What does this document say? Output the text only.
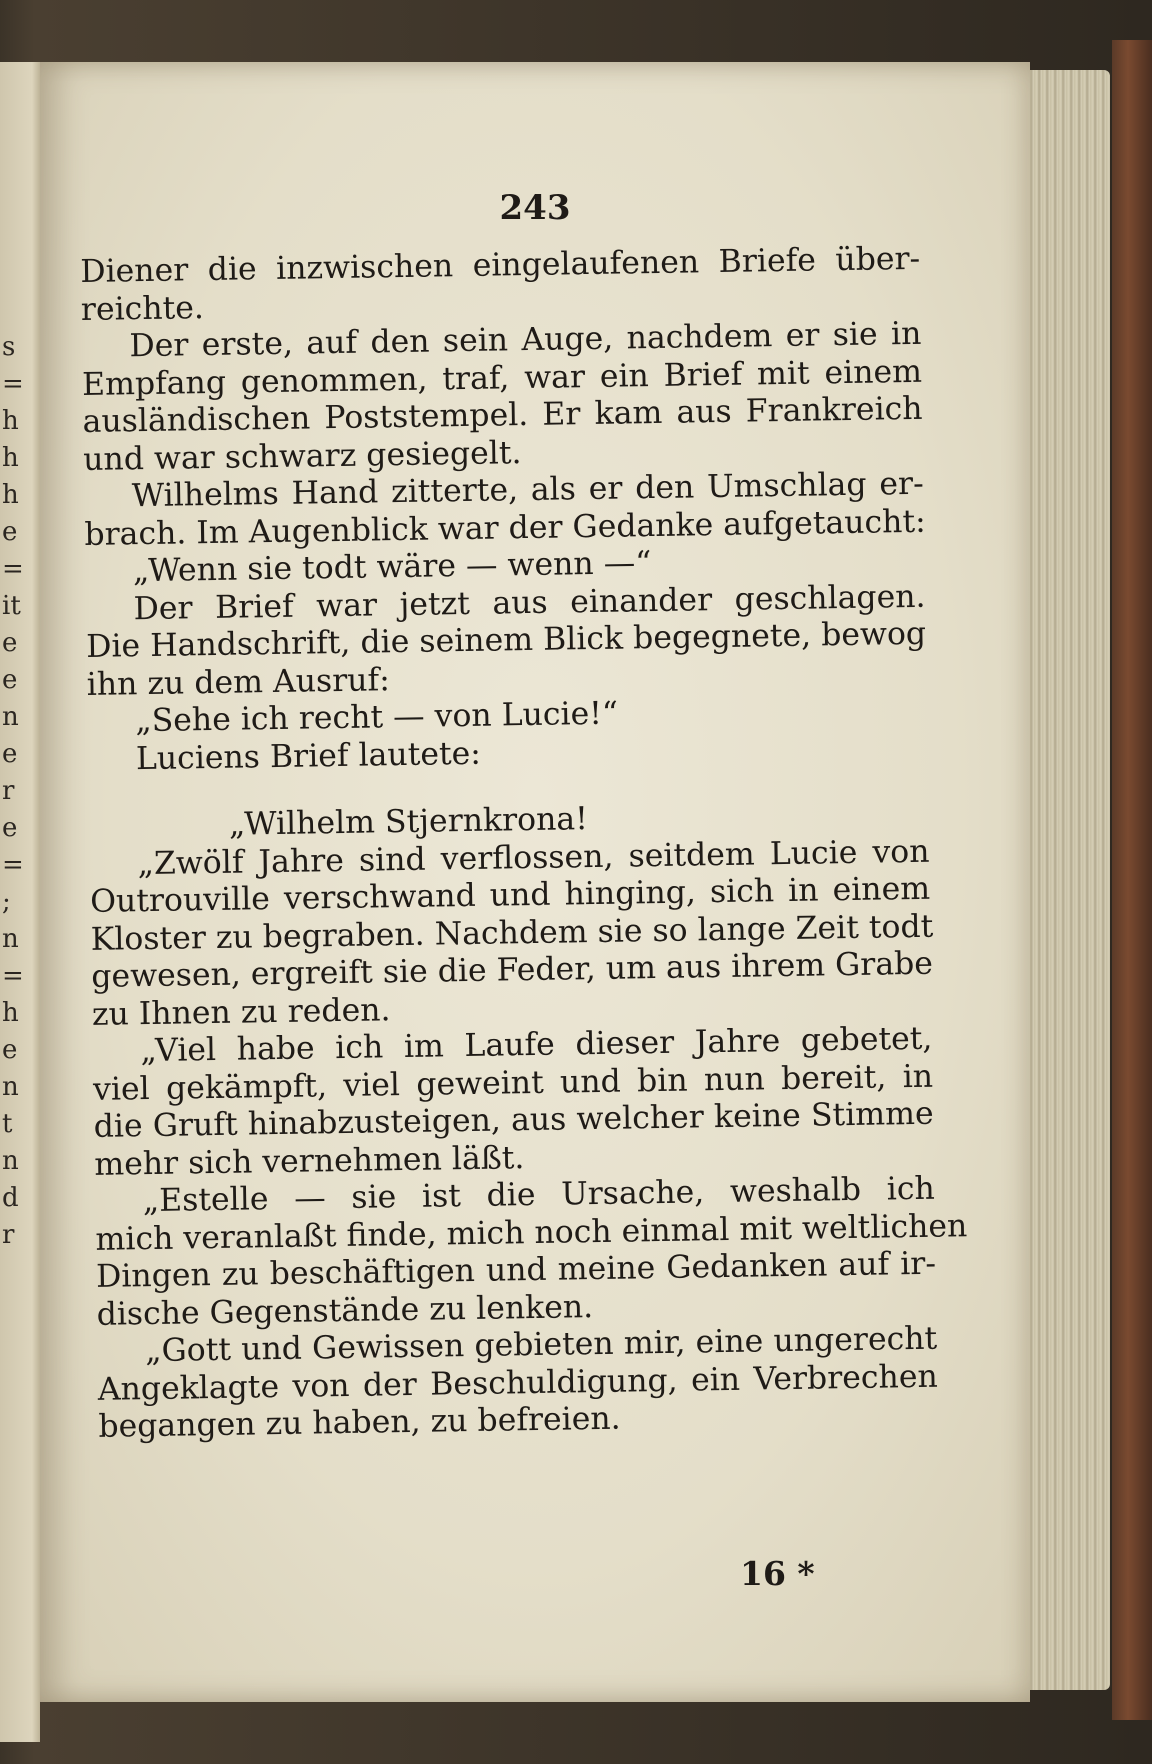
s
=
h
h
h
e
=
it
e
e
n
e
r
e
=
;
n
=
h
e
n
t
n
d
r
243
Diener die inzwischen eingelaufenen Briefe über-
reichte.
Der erste, auf den sein Auge, nachdem er sie in
Empfang genommen, traf, war ein Brief mit einem
ausländischen Poststempel. Er kam aus Frankreich
und war schwarz gesiegelt.
Wilhelms Hand zitterte, als er den Umschlag er-
brach. Im Augenblick war der Gedanke aufgetaucht:
„Wenn sie todt wäre — wenn —“
Der Brief war jetzt aus einander geschlagen.
Die Handschrift, die seinem Blick begegnete, bewog
ihn zu dem Ausruf:
„Sehe ich recht — von Lucie!“
Luciens Brief lautete:
„Wilhelm Stjernkrona!
„Zwölf Jahre sind verflossen, seitdem Lucie von
Outrouville verschwand und hinging, sich in einem
Kloster zu begraben. Nachdem sie so lange Zeit todt
gewesen, ergreift sie die Feder, um aus ihrem Grabe
zu Ihnen zu reden.
„Viel habe ich im Laufe dieser Jahre gebetet,
viel gekämpft, viel geweint und bin nun bereit, in
die Gruft hinabzusteigen, aus welcher keine Stimme
mehr sich vernehmen läßt.
„Estelle — sie ist die Ursache, weshalb ich
mich veranlaßt finde, mich noch einmal mit weltlichen
Dingen zu beschäftigen und meine Gedanken auf ir-
dische Gegenstände zu lenken.
„Gott und Gewissen gebieten mir, eine ungerecht
Angeklagte von der Beschuldigung, ein Verbrechen
begangen zu haben, zu befreien.
16 *
